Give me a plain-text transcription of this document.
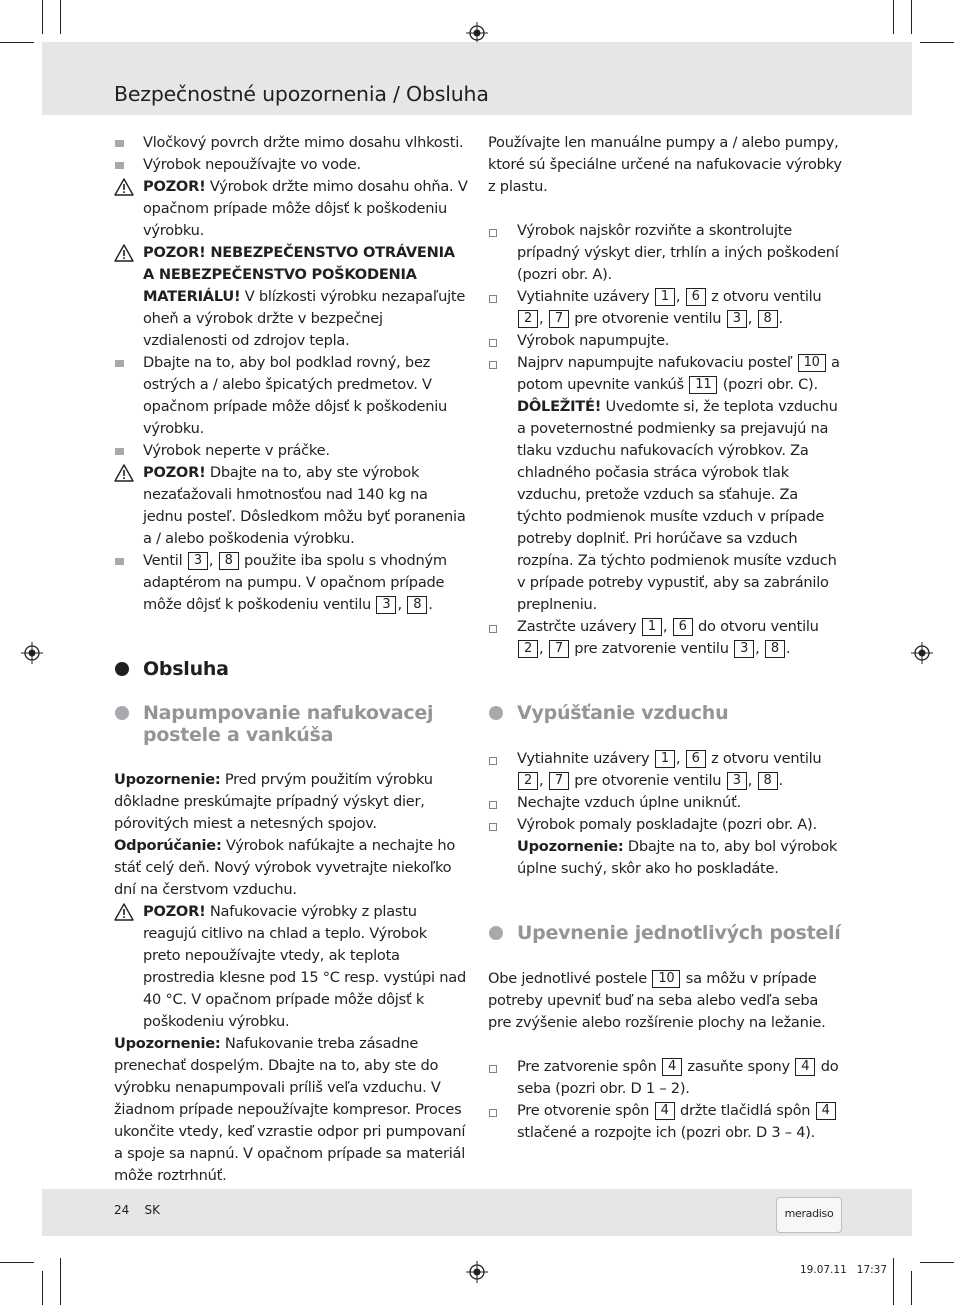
Bezpečnostné upozornenia / Obsluha
Vločkový povrch držte mimo dosahu vlhkosti.
Výrobok nepoužívajte vo vode.
POZOR! Výrobok držte mimo dosahu ohňa. V opačnom prípade môže dôjsť k poškodeniu výrobku.
POZOR! NEBEZPEČENSTVO OTRÁVENIA A NEBEZPEČENSTVO POŠKODENIA MATERIÁLU! V blízkosti výrobku nezapaľujte oheň a výrobok držte v bezpečnej vzdialenosti od zdrojov tepla.
Dbajte na to, aby bol podklad rovný, bez ostrých a / alebo špicatých predmetov. V opačnom prípade môže dôjsť k poškodeniu výrobku.
Výrobok neperte v práčke.
POZOR! Dbajte na to, aby ste výrobok nezaťažovali hmotnosťou nad 140 kg na jednu posteľ. Dôsledkom môžu byť poranenia a / alebo poškodenia výrobku.
Ventil 3 , 8 použite iba spolu s vhodným adaptérom na pumpu. V opačnom prípade môže dôjsť k poškodeniu ventilu 3 , 8 .
Obsluha
Napumpovanie nafukovacej postele a vankúša

Upozornenie: Pred prvým použitím výrobku dôkladne preskúmajte prípadný výskyt dier, pórovitých miest a netesných spojov.

Odporúčanie: Výrobok nafúkajte a nechajte ho stáť celý deň. Nový výrobok vyvetrajte niekoľko dní na čerstvom vzduchu.

POZOR! Nafukovacie výrobky z plastu reagujú citlivo na chlad a teplo. Výrobok preto nepoužívajte vtedy, ak teplota prostredia klesne pod 15 °C resp. vystúpi nad 40 °C. V opačnom prípade môže dôjsť k poškodeniu výrobku.

Upozornenie: Nafukovanie treba zásadne prenechať dospelým. Dbajte na to, aby ste do výrobku nenapumpovali príliš veľa vzduchu. V žiadnom prípade nepoužívajte kompresor. Proces ukončite vtedy, keď vzrastie odpor pri pumpovaní a spoje sa napnú. V opačnom prípade sa materiál môže roztrhnúť.

Používajte len manuálne pumpy a / alebo pumpy, ktoré sú špeciálne určené na nafukovacie výrobky z plastu.

Výrobok najskôr rozviňte a skontrolujte prípadný výskyt dier, trhlín a iných poškodení (pozri obr. A).
Vytiahnite uzávery 1 , 6 z otvoru ventilu 2 , 7 pre otvorenie ventilu 3 , 8 .
Výrobok napumpujte.
Najprv napumpujte nafukovaciu posteľ 10 a potom upevnite vankúš 11 (pozri obr. C).
DÔLEŽITÉ! Uvedomte si, že teplota vzduchu a poveternostné podmienky sa prejavujú na tlaku vzduchu nafukovacích výrobkov. Za chladného počasia stráca výrobok tlak vzduchu, pretože vzduch sa sťahuje. Za týchto podmienok musíte vzduch v prípade potreby doplniť. Pri horúčave sa vzduch rozpína. Za týchto podmienok musíte vzduch v prípade potreby vypustiť, aby sa zabránilo preplneniu.
Zastrčte uzávery 1 , 6 do otvoru ventilu 2 , 7 pre zatvorenie ventilu 3 , 8 .
Vypúšťanie vzduchu
Vytiahnite uzávery 1 , 6 z otvoru ventilu 2 , 7 pre otvorenie ventilu 3 , 8 .
Nechajte vzduch úplne uniknúť.
Výrobok pomaly poskladajte (pozri obr. A).
Upozornenie: Dbajte na to, aby bol výrobok úplne suchý, skôr ako ho poskladáte.
Upevnenie jednotlivých postelí

Obe jednotlivé postele 10 sa môžu v prípade potreby upevniť buď na seba alebo vedľa seba pre zvýšenie alebo rozšírenie plochy na ležanie.

Pre zatvorenie spôn 4 zasuňte spony 4 do seba (pozri obr. D 1 – 2).
Pre otvorenie spôn 4 držte tlačidlá spôn 4 stlačené a rozpojte ich (pozri obr. D 3 – 4).
24 SK	meradiso
19.07.11   17:37
